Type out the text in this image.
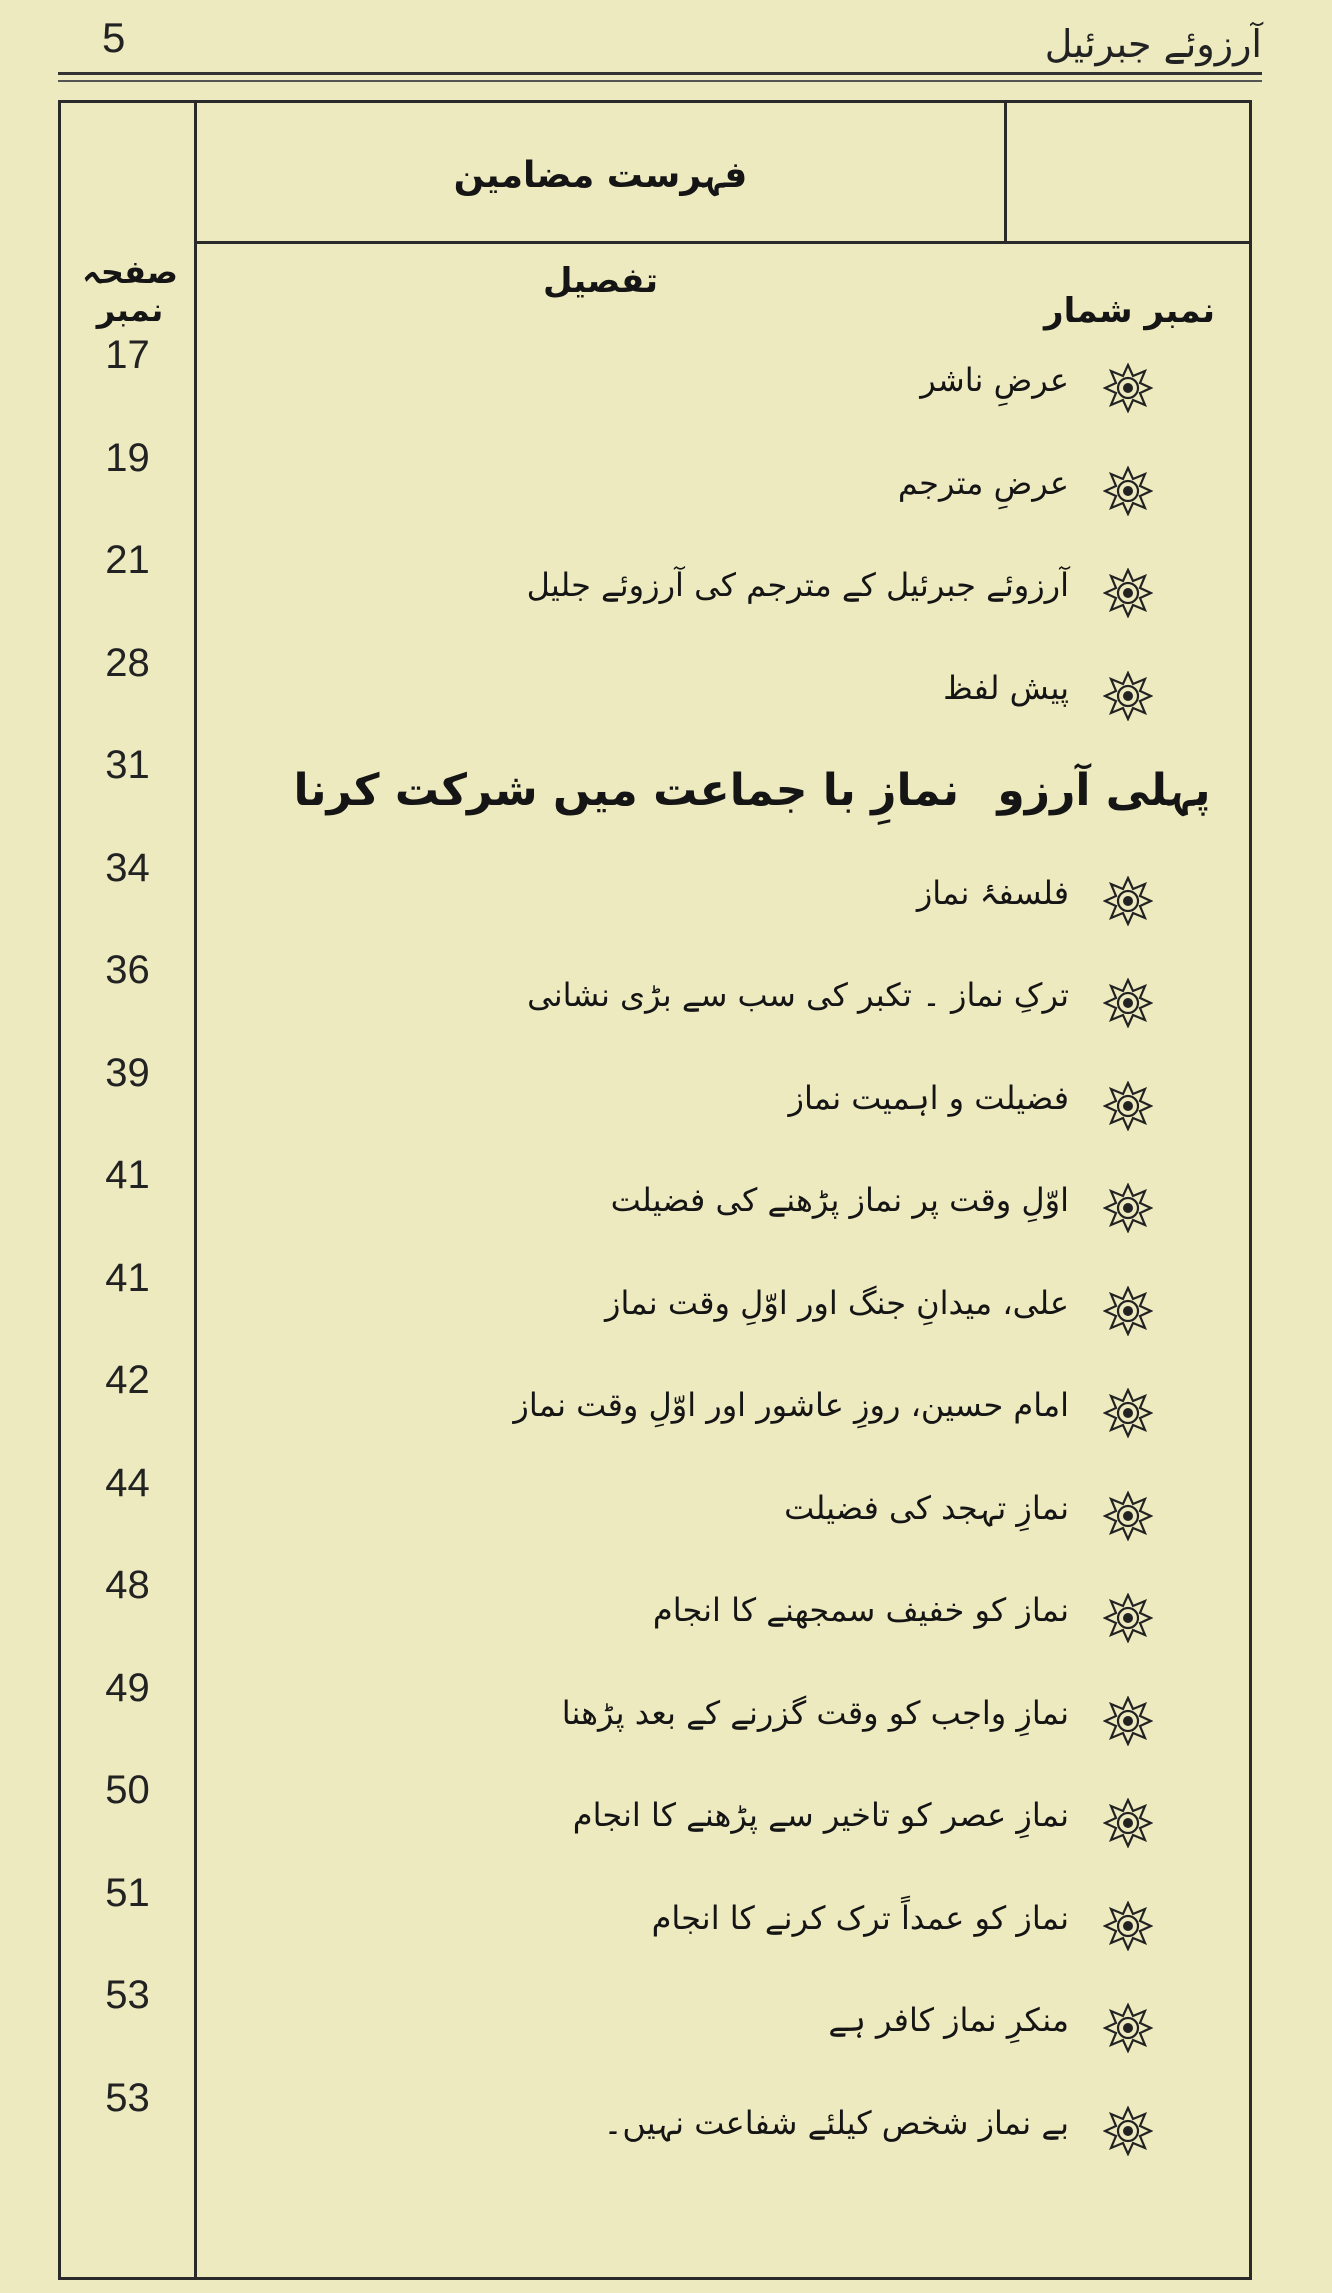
5	آرزوئے جبرئیل
فہرست مضامین
صفحہ نمبر
تفصیل
نمبر شمار
17
عرضِ ناشر
19
عرضِ مترجم
21
آرزوئے جبرئیل کے مترجم کی آرزوئے جلیل
28
پیش لفظ
31	نمازِ با جماعت میں شرکت کرنا پہلی آرزو
34
فلسفۂ نماز
36
ترکِ نماز ۔ تکبر کی سب سے بڑی نشانی
39
فضیلت و اہمیت نماز
41
اوّلِ وقت پر نماز پڑھنے کی فضیلت
41
علی، میدانِ جنگ اور اوّلِ وقت نماز
42
امام حسین، روزِ عاشور اور اوّلِ وقت نماز
44
نمازِ تہجد کی فضیلت
48
نماز کو خفیف سمجھنے کا انجام
49
نمازِ واجب کو وقت گزرنے کے بعد پڑھنا
50
نمازِ عصر کو تاخیر سے پڑھنے کا انجام
51
نماز کو عمداً ترک کرنے کا انجام
53
منکرِ نماز کافر ہے
53
بے نماز شخص کیلئے شفاعت نہیں۔
